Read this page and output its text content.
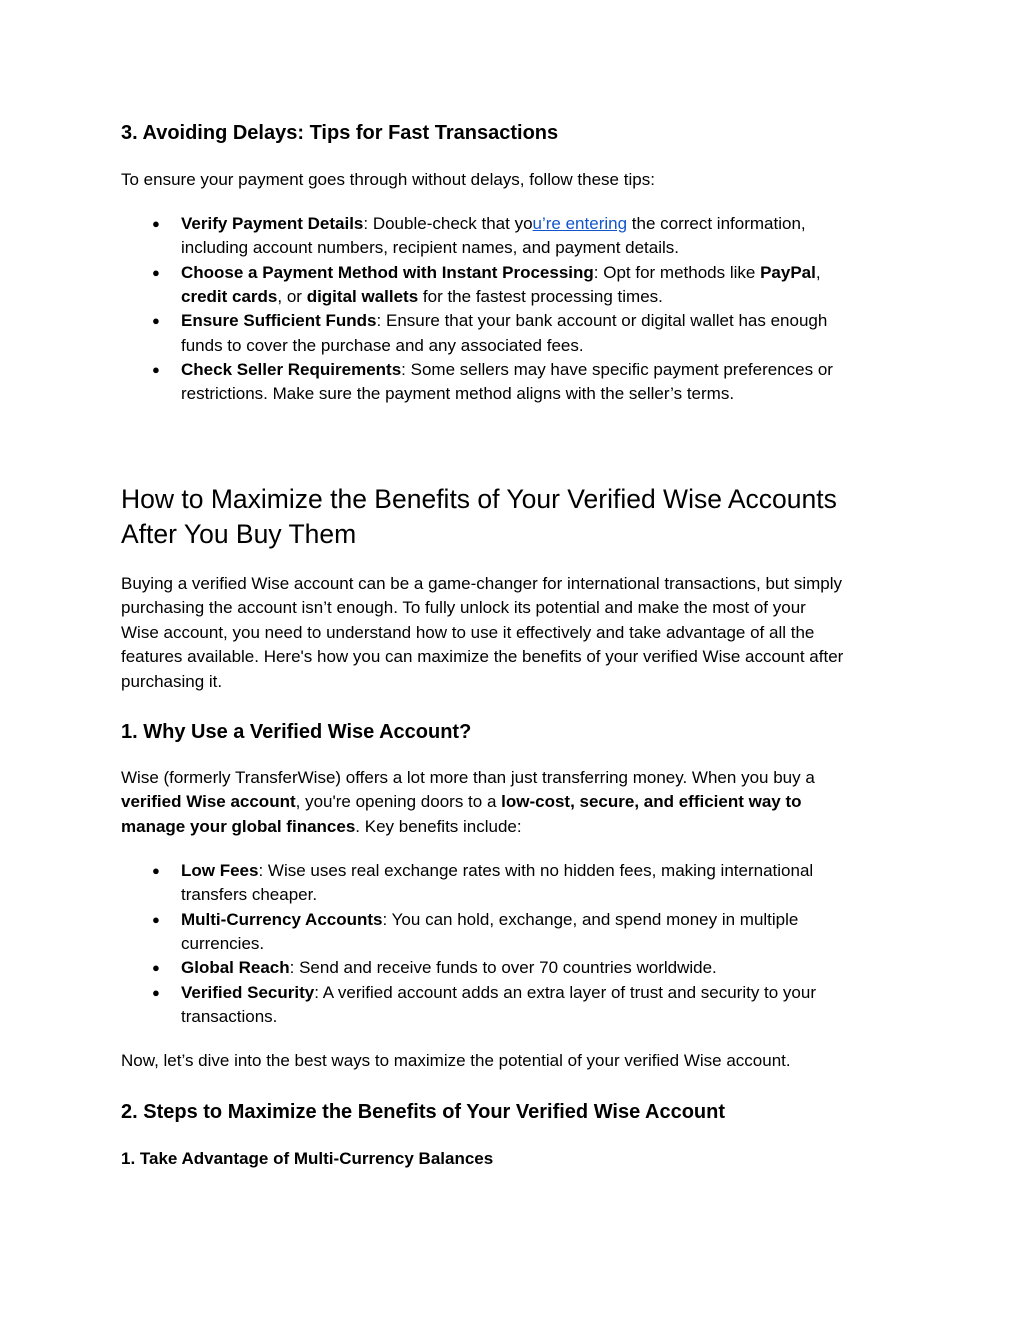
3. Avoiding Delays: Tips for Fast Transactions
To ensure your payment goes through without delays, follow these tips:
● Verify Payment Details: Double-check that you’re entering the correct information,
including account numbers, recipient names, and payment details.
● Choose a Payment Method with Instant Processing: Opt for methods like PayPal,
credit cards, or digital wallets for the fastest processing times.
● Ensure Sufficient Funds: Ensure that your bank account or digital wallet has enough
funds to cover the purchase and any associated fees.
● Check Seller Requirements: Some sellers may have specific payment preferences or
restrictions. Make sure the payment method aligns with the seller’s terms.
How to Maximize the Benefits of Your Verified Wise Accounts
After You Buy Them
Buying a verified Wise account can be a game-changer for international transactions, but simply
purchasing the account isn’t enough. To fully unlock its potential and make the most of your
Wise account, you need to understand how to use it effectively and take advantage of all the
features available. Here's how you can maximize the benefits of your verified Wise account after
purchasing it.
1. Why Use a Verified Wise Account?
Wise (formerly TransferWise) offers a lot more than just transferring money. When you buy a
verified Wise account, you're opening doors to a low-cost, secure, and efficient way to
manage your global finances. Key benefits include:
● Low Fees: Wise uses real exchange rates with no hidden fees, making international
transfers cheaper.
● Multi-Currency Accounts: You can hold, exchange, and spend money in multiple
currencies.
● Global Reach: Send and receive funds to over 70 countries worldwide.
● Verified Security: A verified account adds an extra layer of trust and security to your
transactions.
Now, let’s dive into the best ways to maximize the potential of your verified Wise account.
2. Steps to Maximize the Benefits of Your Verified Wise Account
1. Take Advantage of Multi-Currency Balances
